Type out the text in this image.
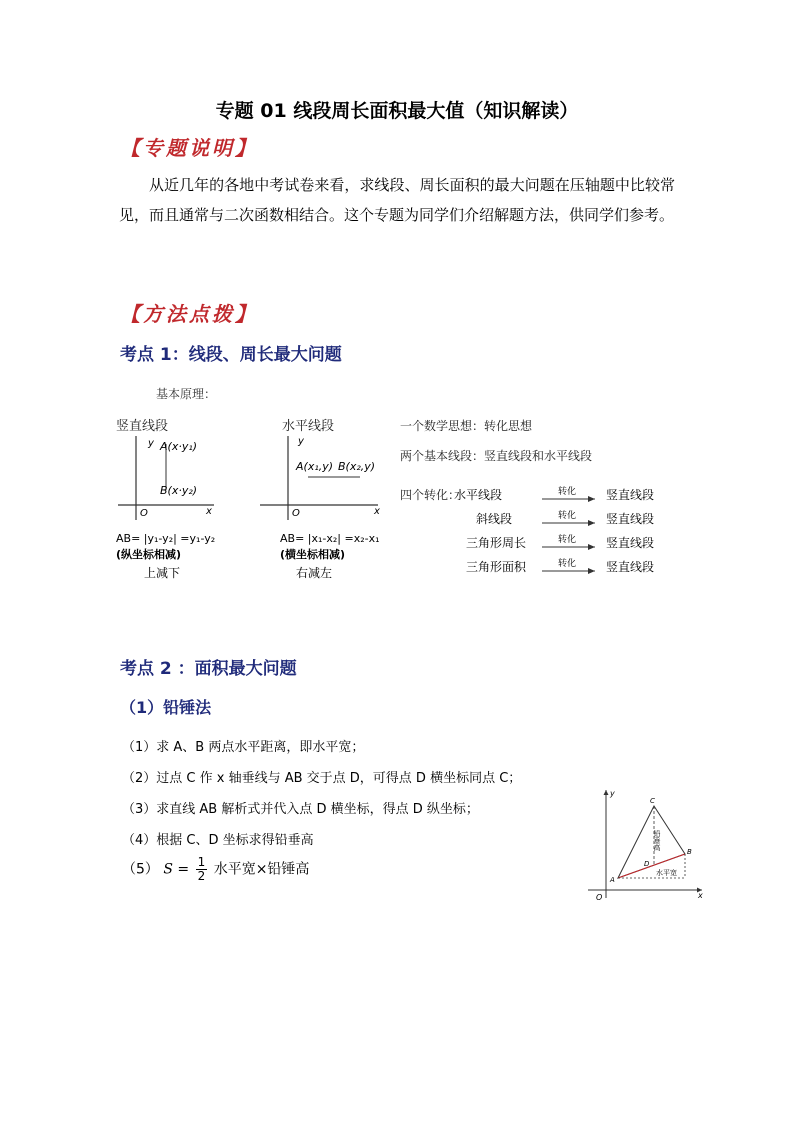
专题 01 线段周长面积最大值（知识解读）
【专题说明】
从近几年的各地中考试卷来看，求线段、周长面积的最大问题在压轴题中比较常见，而且通常与二次函数相结合。这个专题为同学们介绍解题方法，供同学们参考。
【方法点拨】
考点 1：线段、周长最大问题
基本原理：
竖直线段
y
x
O
A(x·y₁)
B(x·y₂)
AB= |y₁-y₂| =y₁-y₂
(纵坐标相减)
上减下
水平线段
y
x
O
A(x₁,y) B(x₂,y)
AB= |x₁-x₂| =x₂-x₁
(横坐标相减)
右减左
一个数学思想：转化思想
两个基本线段：竖直线段和水平线段
四个转化：
水平线段	转化 竖直线段
斜线段	转化 竖直线段
三角形周长	转化 竖直线段
三角形面积	转化 竖直线段
考点 2 ：面积最大问题
（1）铅锤法
（1）求 A、B 两点水平距离，即水平宽；
（2）过点 C 作 x 轴垂线与 AB 交于点 D，可得点 D 横坐标同点 C；
（3）求直线 AB 解析式并代入点 D 横坐标，得点 D 纵坐标；
（4）根据 C、D 坐标求得铅垂高
（5） $S = \frac{1}{2}$ 水平宽×铅锤高
y
x
O
A
B
C
D
铅垂高
水平宽
